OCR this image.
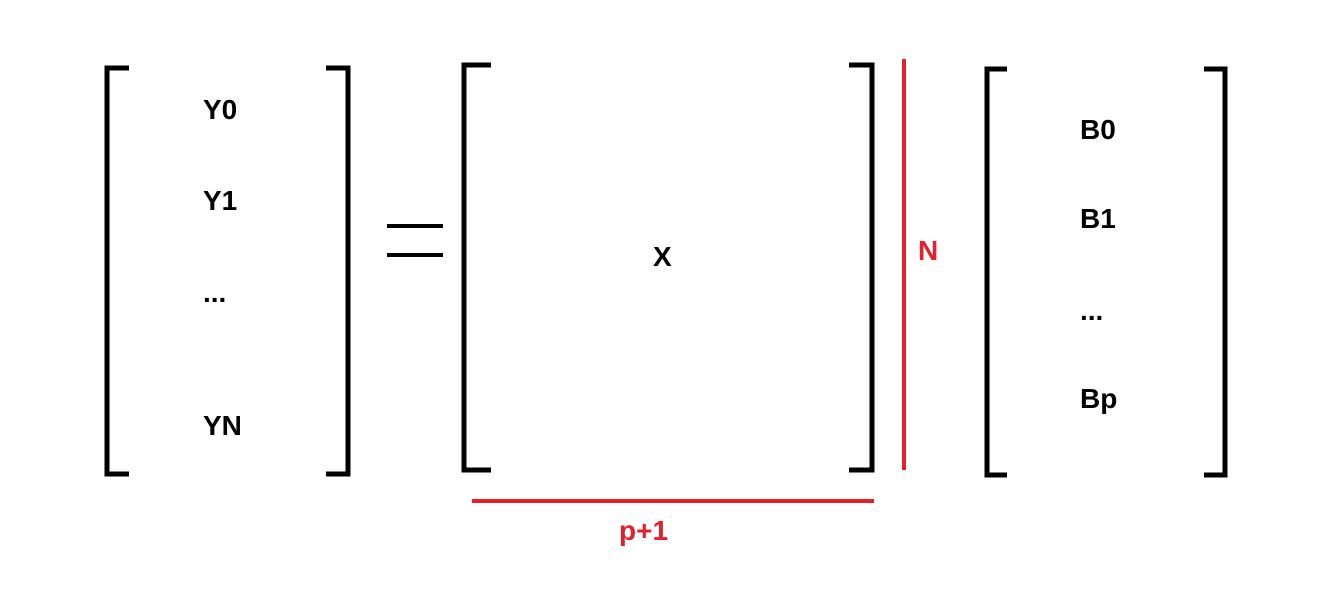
Y0
Y1
...
YN
X	N
p+1
B0
B1
...
Bp
